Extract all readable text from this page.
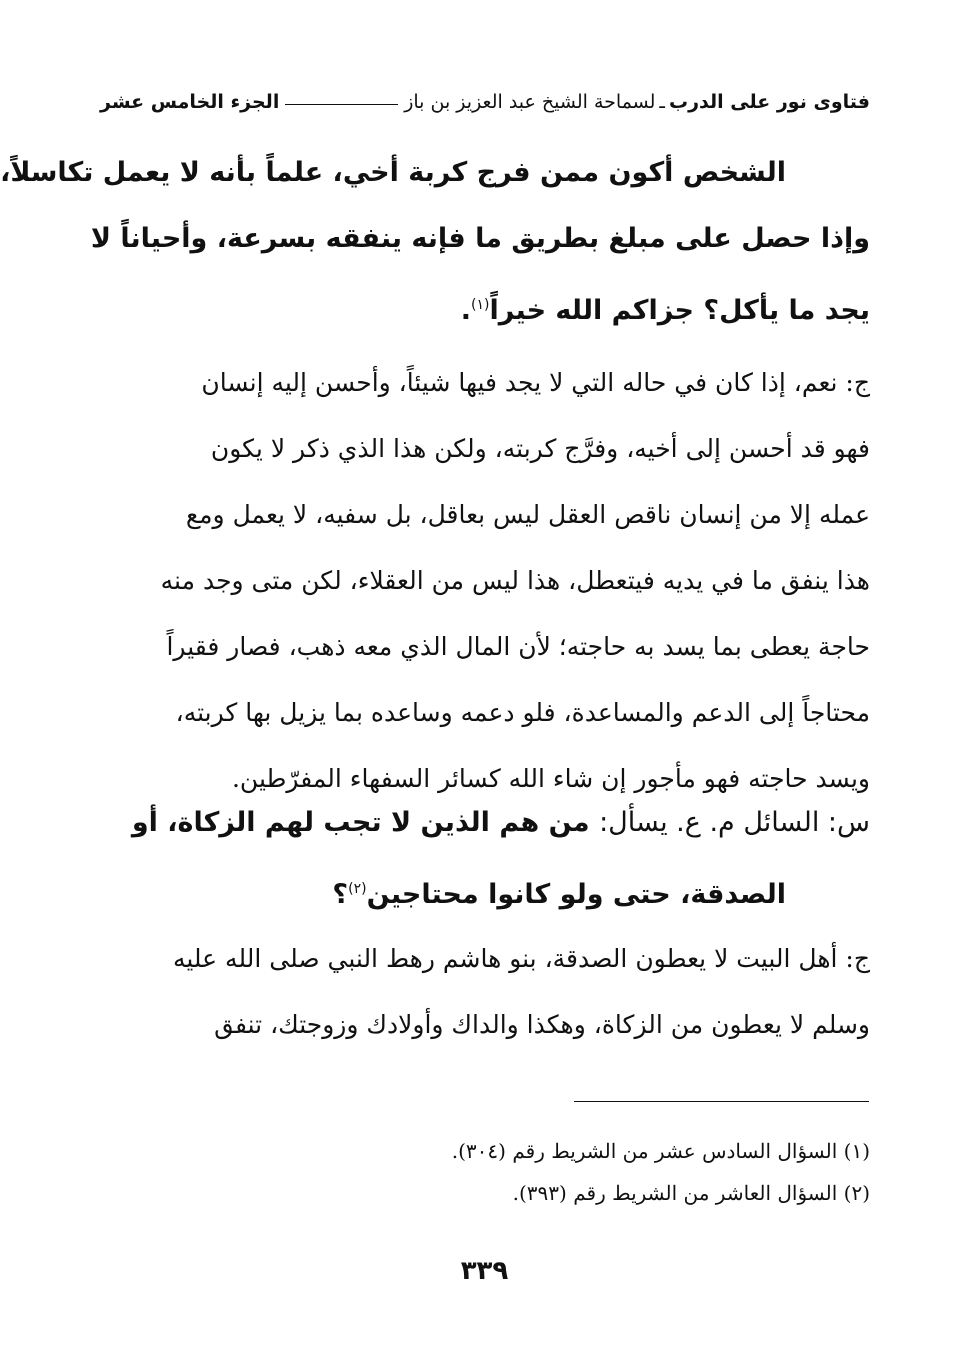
فتاوى نور على الدرب
ـ
لسماحة الشيخ عبد العزيز بن باز
الجزء الخامس عشر
الشخص أكون ممن فرج كربة أخي، علماً بأنه لا يعمل تكاسلاً،
وإذا حصل على مبلغ بطريق ما فإنه ينفقه بسرعة، وأحياناً لا
يجد ما يأكل؟ جزاكم الله خيراً$^{(١)}$.
ج: نعم، إذا كان في حاله التي لا يجد فيها شيئاً، وأحسن إليه إنسان
فهو قد أحسن إلى أخيه، وفرَّج كربته، ولكن هذا الذي ذكر لا يكون
عمله إلا من إنسان ناقص العقل ليس بعاقل، بل سفيه، لا يعمل ومع
هذا ينفق ما في يديه فيتعطل، هذا ليس من العقلاء، لكن متى وجد منه
حاجة يعطى بما يسد به حاجته؛ لأن المال الذي معه ذهب، فصار فقيراً
محتاجاً إلى الدعم والمساعدة، فلو دعمه وساعده بما يزيل بها كربته،
ويسد حاجته فهو مأجور إن شاء الله كسائر السفهاء المفرّطين.
س: السائل م. ع. يسأل: من هم الذين لا تجب لهم الزكاة، أو
الصدقة، حتى ولو كانوا محتاجين$^{(٢)}$؟
ج: أهل البيت لا يعطون الصدقة، بنو هاشم رهط النبي صلى الله عليه
وسلم لا يعطون من الزكاة، وهكذا والداك وأولادك وزوجتك، تنفق
(١) السؤال السادس عشر من الشريط رقم (٣٠٤).
(٢) السؤال العاشر من الشريط رقم (٣٩٣).
٣٣٩
